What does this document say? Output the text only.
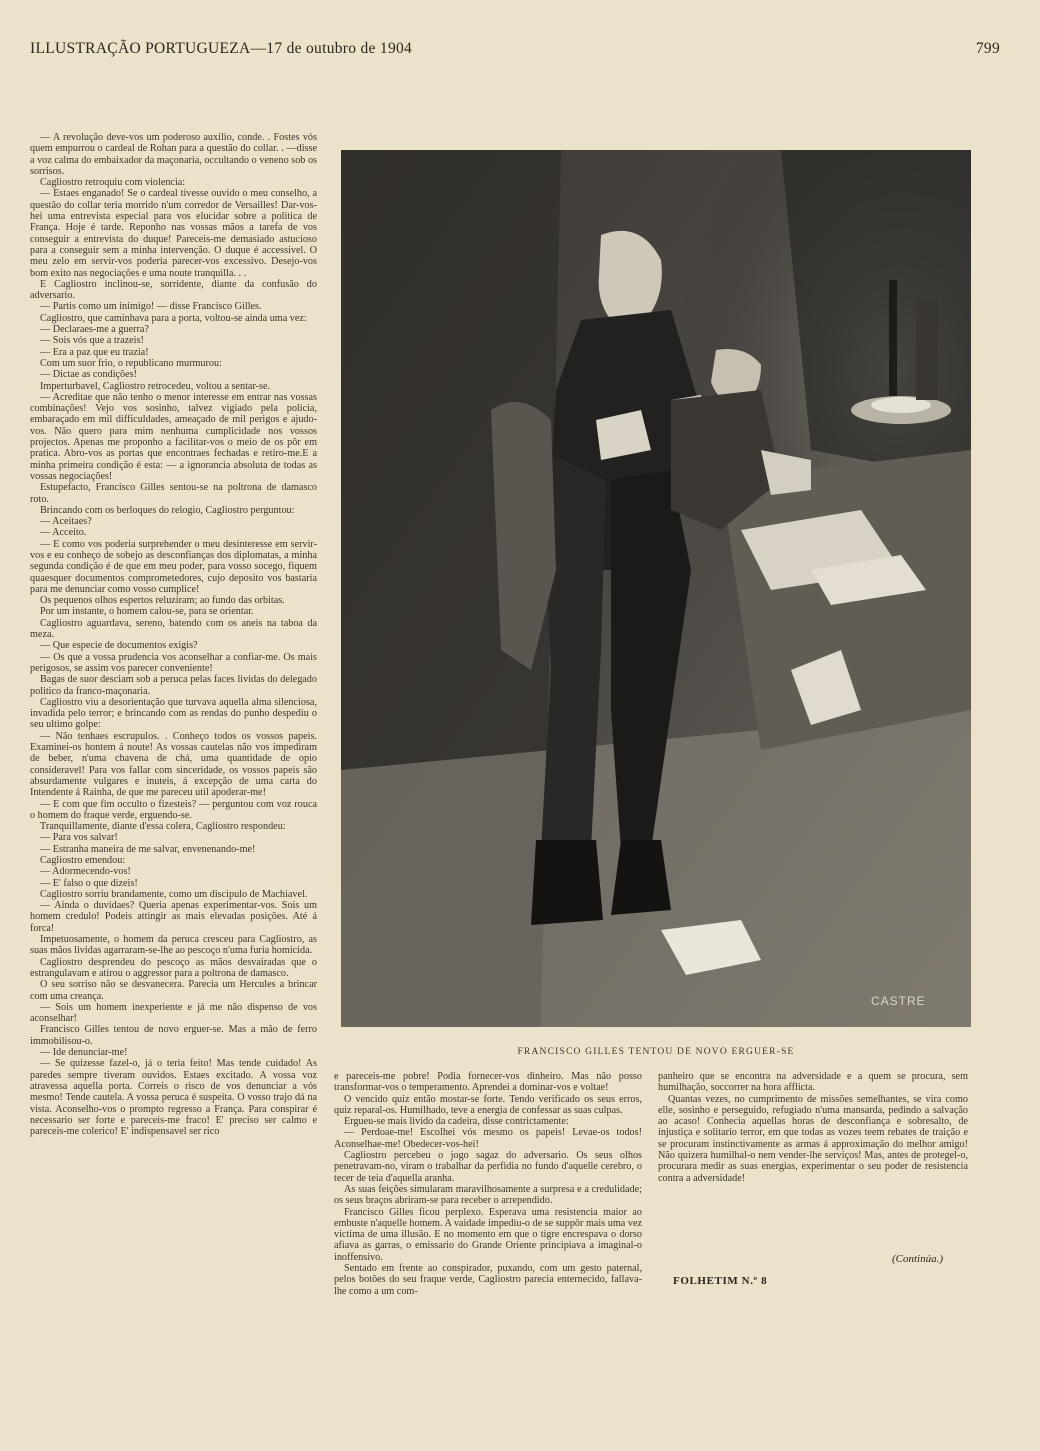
ILLUSTRAÇÃO PORTUGUEZA—17 de outubro de 1904	799

— A revolução deve-vos um poderoso auxilio, conde. . Fostes vós quem empurrou o cardeal de Rohan para a questão do collar. . —disse a voz calma do embaixador da maçonaria, occultando o veneno sob os sorrisos.

Cagliostro retroquiu com violencia:

— Estaes enganado! Se o cardeal tivesse ouvido o meu conselho, a questão do collar teria morrido n'um corredor de Versailles! Dar-vos-hei uma entrevista especial para vos elucidar sobre a politica de França. Hoje é tarde. Reponho nas vossas mãos a tarefa de vos conseguir a entrevista do duque! Pareceis-me demasiado astucioso para a conseguir sem a minha intervenção. O duque é accessivel. O meu zelo em servir-vos poderia parecer-vos excessivo. Desejo-vos bom exito nas negociações e uma noute tranquilla. . .

E Cagliostro inclinou-se, sorridente, diante da confusão do adversario.

— Partis como um inimigo! — disse Francisco Gilles.

Cagliostro, que caminhava para a porta, voltou-se ainda uma vez:

— Declaraes-me a guerra?

— Sois vós que a trazeis!

— Era a paz que eu trazia!

Com um suor frio, o republicano murmurou:

— Dictae as condições!

Imperturbavel, Cagliostro retrocedeu, voltou a sentar-se.

— Acreditae que não tenho o menor interesse em entrar nas vossas combinações! Vejo vos sosinho, talvez vigiado pela policia, embaraçado em mil difficuldades, ameaçado de mil perigos e ajudo-vos. Não quero para mim nenhuma cumplicidade nos vossos projectos. Apenas me proponho a facilitar-vos o meio de os pôr em pratica. Abro-vos as portas que encontraes fechadas e retiro-me.E a minha primeira condição é esta: — a ignorancia absoluta de todas as vossas negociações!

Estupefacto, Francisco Gilles sentou-se na poltrona de damasco roto.

Brincando com os berloques do relogio, Cagliostro perguntou:

— Aceitaes?

— Acceito.

— E como vos poderia surprehender o meu desinteresse em servir-vos e eu conheço de sobejo as desconfianças dos diplomatas, a minha segunda condição é de que em meu poder, para vosso socego, fiquem quaesquer documentos comprometedores, cujo deposito vos bastaria para me denunciar como vosso cumplice!

Os pequenos olhos espertos reluziram; ao fundo das orbitas.

Por um instante, o homem calou-se, para se orientar.

Cagliostro aguardava, sereno, batendo com os aneis na taboa da meza.

— Que especie de documentos exigis?

— Os que a vossa prudencia vos aconselhar a confiar-me. Os mais perigosos, se assim vos parecer conveniente!

Bagas de suor desciam sob a peruca pelas faces lividas do delegado politico da franco-maçonaria.

Cagliostro viu a desorientação que turvava aquella alma silenciosa, invadida pelo terror; e brincando com as rendas do punho despediu o seu ultimo golpe:

— Não tenhaes escrupulos. . Conheço todos os vossos papeis. Examinei-os hontem á noute! As vossas cautelas não vos impediram de beber, n'uma chavena de chá, uma quantidade de opio consideravel! Para vos fallar com sinceridade, os vossos papeis são absurdamente vulgares e inuteis, á excepção de uma carta do Intendente á Rainha, de que me pareceu util apoderar-me!

— E com que fim occulto o fizesteis? — perguntou com voz rouca o homem do fraque verde, erguendo-se.

Tranquillamente, diante d'essa colera, Cagliostro respondeu:

— Para vos salvar!

— Estranha maneira de me salvar, envenenando-me!

Cagliostro emendou:

— Adormecendo-vos!

— E' falso o que dizeis!

Cagliostro sorriu brandamente, como um discipulo de Machiavel.

— Ainda o duvidaes? Queria apenas experimentar-vos. Sois um homem credulo! Podeis attingir as mais elevadas posições. Até á forca!

Impetuosamente, o homem da peruca cresceu para Cagliostro, as suas mãos lividas agarraram-se-lhe ao pescoço n'uma furia homicida.

Cagliostro desprendeu do pescoço as mãos desvairadas que o estrangulavam e atirou o aggressor para a poltrona de damasco.

O seu sorriso não se desvanecera. Parecia um Hercules a brincar com uma creança.

— Sois um homem inexperiente e já me não dispenso de vos aconselhar!

Francisco Gilles tentou de novo erguer-se. Mas a mão de ferro immobilisou-o.

— Ide denunciar-me!

— Se quizesse fazel-o, já o teria feito! Mas tende cuidado! As paredes sempre tiveram ouvidos. Estaes excitado. A vossa voz atravessa aquella porta. Correis o risco de vos denunciar a vós mesmo! Tende cautela. A vossa peruca é suspeita. O vosso trajo dá na vista. Aconselho-vos o prompto regresso a França. Para conspirar é necessario ser forte e pareceis-me fraco! E' preciso ser calmo e pareceis-me colerico! E' indispensavel ser rico

CASTRE
FRANCISCO GILLES TENTOU DE NOVO ERGUER-SE

e pareceis-me pobre! Podia fornecer-vos dinheiro. Mas não posso transformar-vos o temperamento. Aprendei a dominar-vos e voltae!

O vencido quiz então mostar-se forte. Tendo verificado os seus erros, quiz reparal-os. Humilhado, teve a energia de confessar as suas culpas.

Ergueu-se mais livido da cadeira, disse contrictamente:

— Perdoae-me! Escolhei vós mesmo os papeis! Levae-os todos! Aconselhae-me! Obedecer-vos-hei!

Cagliostro percebeu o jogo sagaz do adversario. Os seus olhos penetravam-no, viram o trabalhar da perfidia no fundo d'aquelle cerebro, o tecer de teia d'aquella aranha.

As suas feições simularam maravilhosamente a surpresa e a credulidade; os seus braços abriram-se para receber o arrependido.

Francisco Gilles ficou perplexo. Esperava uma resistencia maior ao embuste n'aquelle homem. A vaidade impediu-o de se suppôr mais uma vez victima de uma illusão. E no momento em que o tigre encrespava o dorso afiava as garras, o emissario do Grande Oriente principiava a imaginal-o inoffensivo.

Sentado em frente ao conspirador, puxando, com um gesto paternal, pelos botões do seu fraque verde, Cagliostro parecia enternecido, fallava-lhe como a um com-

panheiro que se encontra na adversidade e a quem se procura, sem humilhação, soccorrer na hora afflicta.

Quantas vezes, no cumprimento de missões semelhantes, se vira como elle, sosinho e perseguido, refugiado n'uma mansarda, pedindo a salvação ao acaso! Conhecia aquellas horas de desconfiança e sobresalto, de injustiça e solitario terror, em que todas as vozes teem rebates de traição e se procuram instinctivamente as armas á approximação do melhor amigo! Não quizera humilhal-o nem vender-lhe serviços! Mas, antes de protegel-o, procurara medir as suas energias, experimentar o seu poder de resistencia contra a adversidade!

(Continúa.)
FOLHETIM N.º 8
